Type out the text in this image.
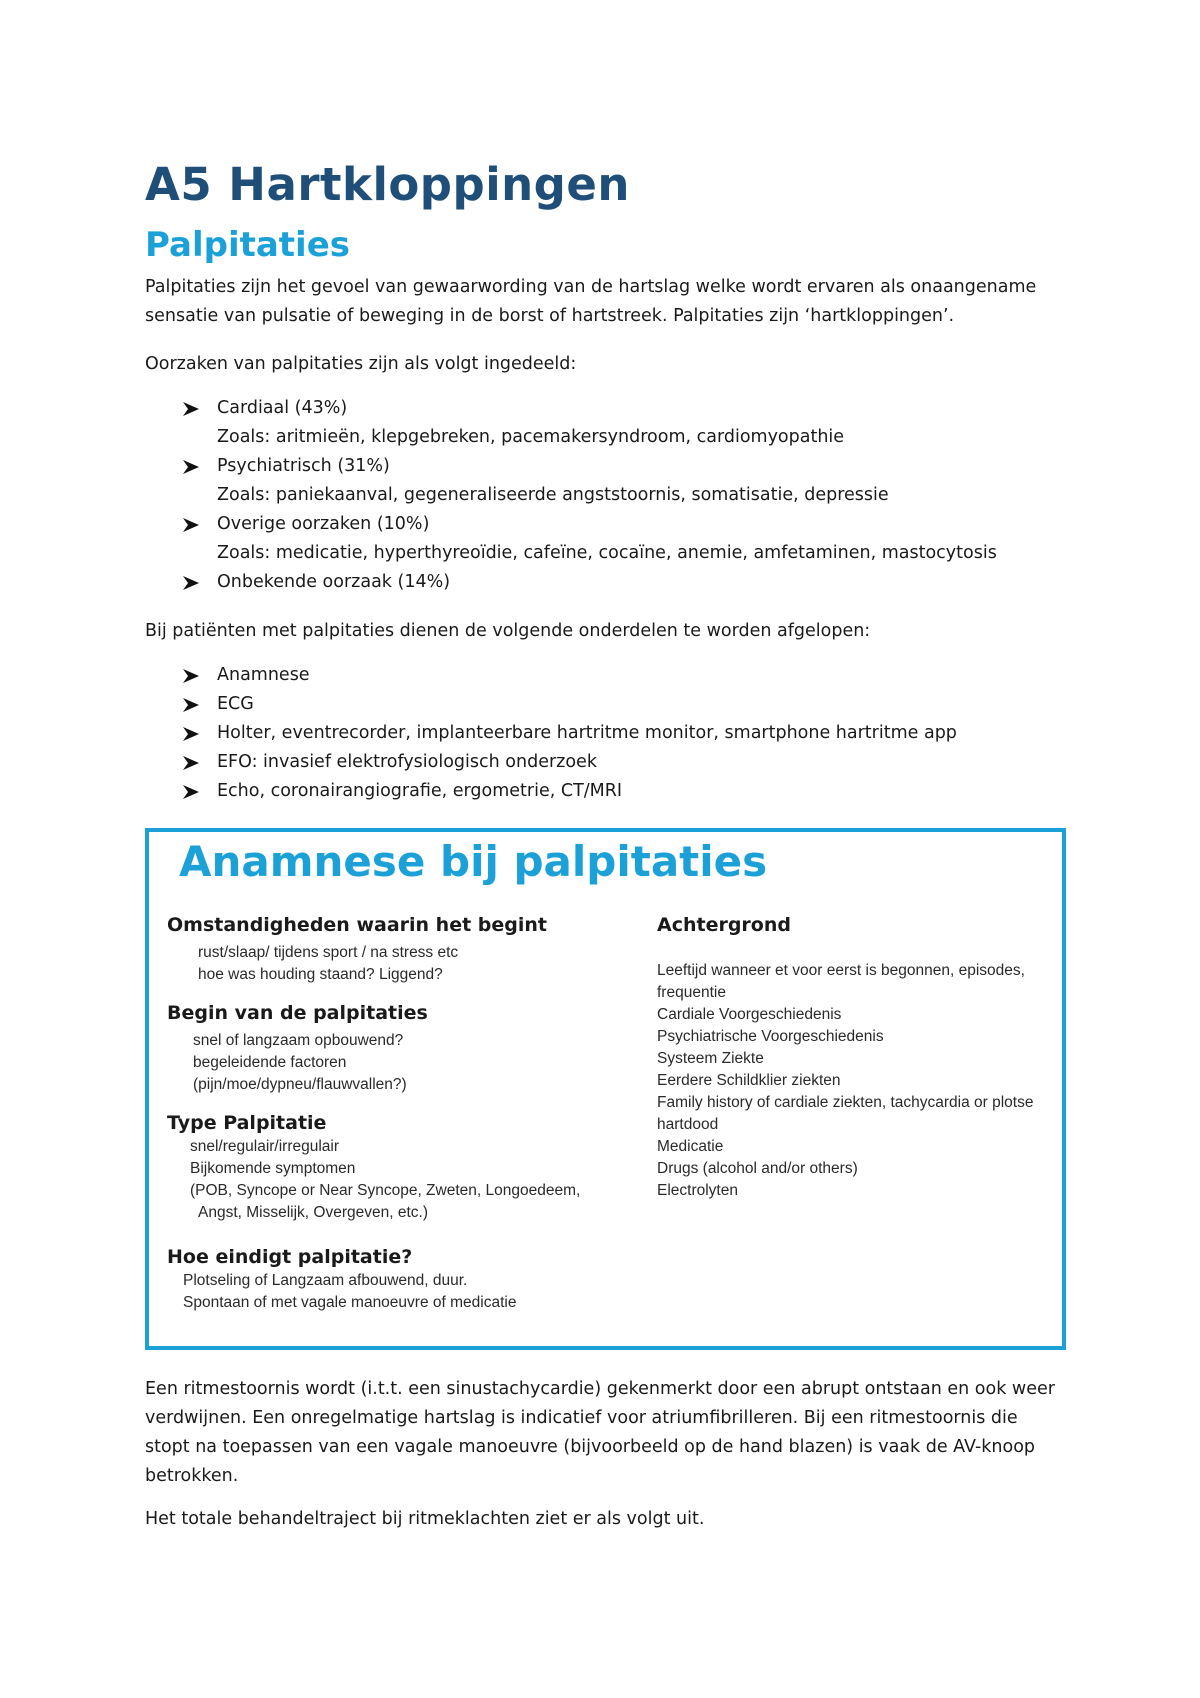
A5 Hartkloppingen
Palpitaties

Palpitaties zijn het gevoel van gewaarwording van de hartslag welke wordt ervaren als onaangename sensatie van pulsatie of beweging in de borst of hartstreek. Palpitaties zijn ‘hartkloppingen’.

Oorzaken van palpitaties zijn als volgt ingedeeld:

Cardiaal (43%)
Zoals: aritmieën, klepgebreken, pacemakersyndroom, cardiomyopathie
Psychiatrisch (31%)
Zoals: paniekaanval, gegeneraliseerde angststoornis, somatisatie, depressie
Overige oorzaken (10%)
Zoals: medicatie, hyperthyreoïdie, cafeïne, cocaïne, anemie, amfetaminen, mastocytosis
Onbekende oorzaak (14%)

Bij patiënten met palpitaties dienen de volgende onderdelen te worden afgelopen:

Anamnese
ECG
Holter, eventrecorder, implanteerbare hartritme monitor, smartphone hartritme app
EFO: invasief elektrofysiologisch onderzoek
Echo, coronairangiografie, ergometrie, CT/MRI

Een ritmestoornis wordt (i.t.t. een sinustachycardie) gekenmerkt door een abrupt ontstaan en ook weer verdwijnen. Een onregelmatige hartslag is indicatief voor atriumfibrilleren. Bij een ritmestoornis die stopt na toepassen van een vagale manoeuvre (bijvoorbeeld op de hand blazen) is vaak de AV-knoop betrokken.

Het totale behandeltraject bij ritmeklachten ziet er als volgt uit.

Anamnese bij palpitaties
Omstandigheden waarin het begint
rust/slaap/ tijdens sport / na stress etc
hoe was houding staand? Liggend?
Begin van de palpitaties
snel of langzaam opbouwend?
begeleidende factoren
(pijn/moe/dypneu/flauwvallen?)
Type Palpitatie
snel/regulair/irregulair
Bijkomende symptomen
(POB, Syncope or Near Syncope, Zweten, Longoedeem,
Angst, Misselijk, Overgeven, etc.)
Hoe eindigt palpitatie?
Plotseling of Langzaam afbouwend, duur.
Spontaan of met vagale manoeuvre of medicatie
Achtergrond
Leeftijd wanneer et voor eerst is begonnen, episodes, frequentie
Cardiale Voorgeschiedenis
Psychiatrische Voorgeschiedenis
Systeem Ziekte
Eerdere Schildklier ziekten
Family history of cardiale ziekten, tachycardia or plotse hartdood
Medicatie
Drugs (alcohol and/or others)
Electrolyten
